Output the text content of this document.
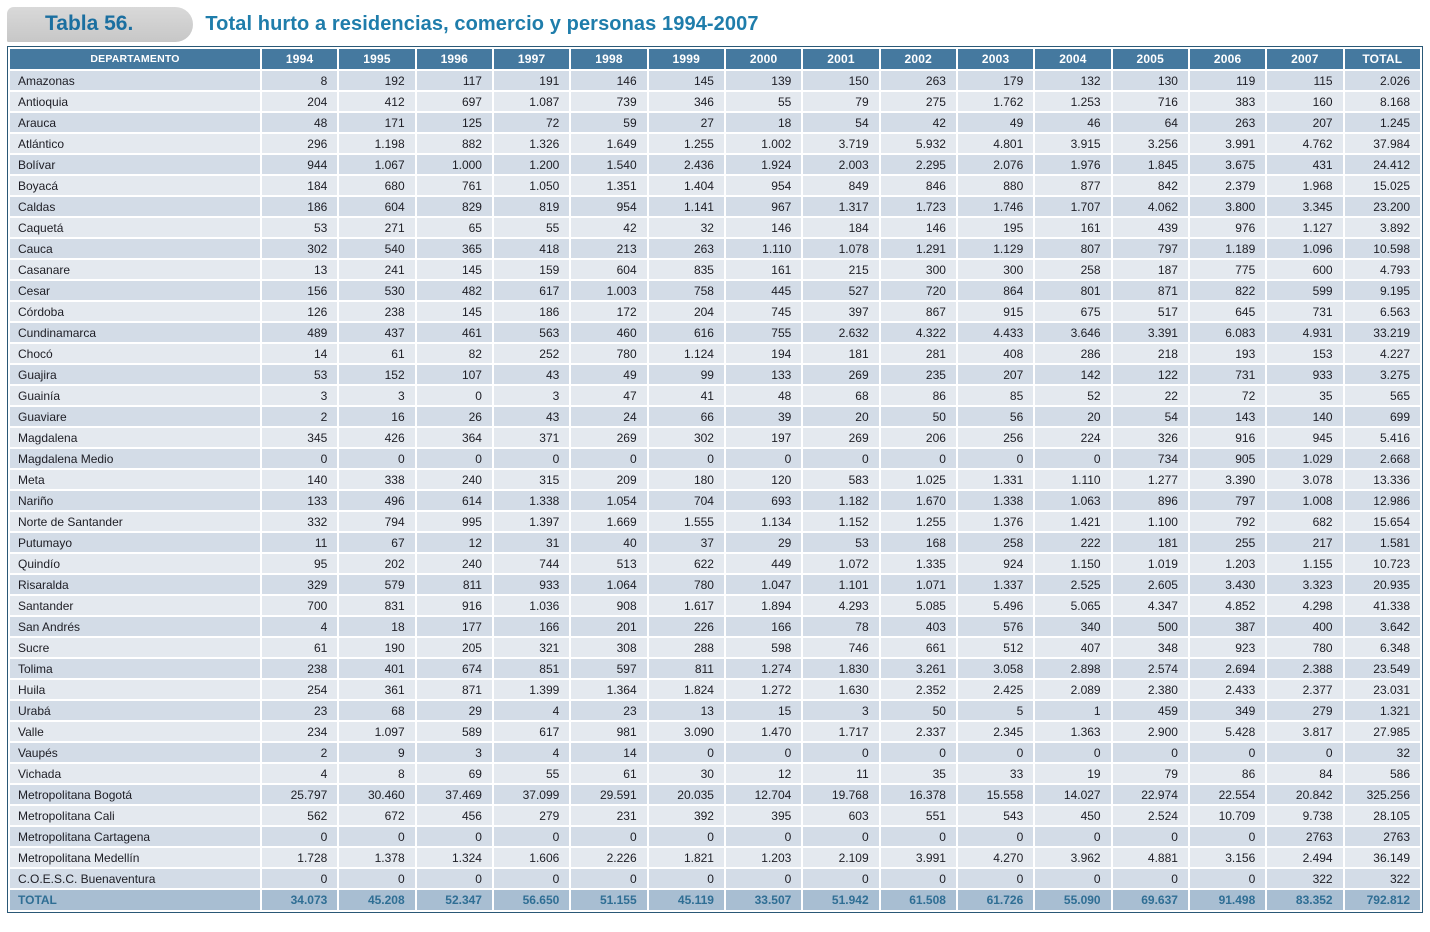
Tabla 56.	Total hurto a residencias, comercio y personas 1994-2007
DEPARTAMENTO	1994	1995	1996	1997	1998	1999	2000	2001	2002	2003	2004	2005	2006	2007	TOTAL
Amazonas	8	192	117	191	146	145	139	150	263	179	132	130	119	115	2.026
Antioquia	204	412	697	1.087	739	346	55	79	275	1.762	1.253	716	383	160	8.168
Arauca	48	171	125	72	59	27	18	54	42	49	46	64	263	207	1.245
Atlántico	296	1.198	882	1.326	1.649	1.255	1.002	3.719	5.932	4.801	3.915	3.256	3.991	4.762	37.984
Bolívar	944	1.067	1.000	1.200	1.540	2.436	1.924	2.003	2.295	2.076	1.976	1.845	3.675	431	24.412
Boyacá	184	680	761	1.050	1.351	1.404	954	849	846	880	877	842	2.379	1.968	15.025
Caldas	186	604	829	819	954	1.141	967	1.317	1.723	1.746	1.707	4.062	3.800	3.345	23.200
Caquetá	53	271	65	55	42	32	146	184	146	195	161	439	976	1.127	3.892
Cauca	302	540	365	418	213	263	1.110	1.078	1.291	1.129	807	797	1.189	1.096	10.598
Casanare	13	241	145	159	604	835	161	215	300	300	258	187	775	600	4.793
Cesar	156	530	482	617	1.003	758	445	527	720	864	801	871	822	599	9.195
Córdoba	126	238	145	186	172	204	745	397	867	915	675	517	645	731	6.563
Cundinamarca	489	437	461	563	460	616	755	2.632	4.322	4.433	3.646	3.391	6.083	4.931	33.219
Chocó	14	61	82	252	780	1.124	194	181	281	408	286	218	193	153	4.227
Guajira	53	152	107	43	49	99	133	269	235	207	142	122	731	933	3.275
Guainía	3	3	0	3	47	41	48	68	86	85	52	22	72	35	565
Guaviare	2	16	26	43	24	66	39	20	50	56	20	54	143	140	699
Magdalena	345	426	364	371	269	302	197	269	206	256	224	326	916	945	5.416
Magdalena Medio	0	0	0	0	0	0	0	0	0	0	0	734	905	1.029	2.668
Meta	140	338	240	315	209	180	120	583	1.025	1.331	1.110	1.277	3.390	3.078	13.336
Nariño	133	496	614	1.338	1.054	704	693	1.182	1.670	1.338	1.063	896	797	1.008	12.986
Norte de Santander	332	794	995	1.397	1.669	1.555	1.134	1.152	1.255	1.376	1.421	1.100	792	682	15.654
Putumayo	11	67	12	31	40	37	29	53	168	258	222	181	255	217	1.581
Quindío	95	202	240	744	513	622	449	1.072	1.335	924	1.150	1.019	1.203	1.155	10.723
Risaralda	329	579	811	933	1.064	780	1.047	1.101	1.071	1.337	2.525	2.605	3.430	3.323	20.935
Santander	700	831	916	1.036	908	1.617	1.894	4.293	5.085	5.496	5.065	4.347	4.852	4.298	41.338
San Andrés	4	18	177	166	201	226	166	78	403	576	340	500	387	400	3.642
Sucre	61	190	205	321	308	288	598	746	661	512	407	348	923	780	6.348
Tolima	238	401	674	851	597	811	1.274	1.830	3.261	3.058	2.898	2.574	2.694	2.388	23.549
Huila	254	361	871	1.399	1.364	1.824	1.272	1.630	2.352	2.425	2.089	2.380	2.433	2.377	23.031
Urabá	23	68	29	4	23	13	15	3	50	5	1	459	349	279	1.321
Valle	234	1.097	589	617	981	3.090	1.470	1.717	2.337	2.345	1.363	2.900	5.428	3.817	27.985
Vaupés	2	9	3	4	14	0	0	0	0	0	0	0	0	0	32
Vichada	4	8	69	55	61	30	12	11	35	33	19	79	86	84	586
Metropolitana Bogotá	25.797	30.460	37.469	37.099	29.591	20.035	12.704	19.768	16.378	15.558	14.027	22.974	22.554	20.842	325.256
Metropolitana Cali	562	672	456	279	231	392	395	603	551	543	450	2.524	10.709	9.738	28.105
Metropolitana Cartagena	0	0	0	0	0	0	0	0	0	0	0	0	0	2763	2763
Metropolitana Medellín	1.728	1.378	1.324	1.606	2.226	1.821	1.203	2.109	3.991	4.270	3.962	4.881	3.156	2.494	36.149
C.O.E.S.C. Buenaventura	0	0	0	0	0	0	0	0	0	0	0	0	0	322	322
TOTAL	34.073	45.208	52.347	56.650	51.155	45.119	33.507	51.942	61.508	61.726	55.090	69.637	91.498	83.352	792.812
